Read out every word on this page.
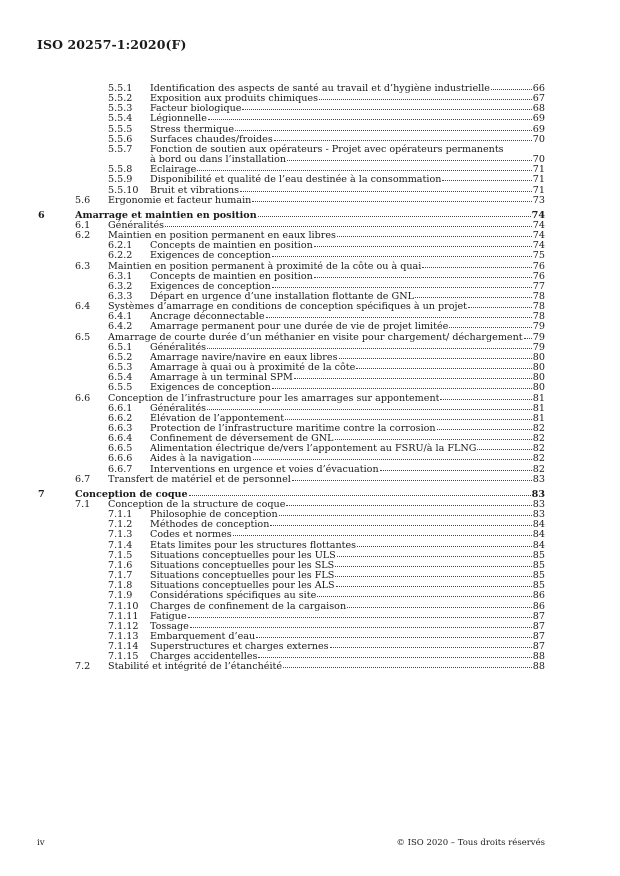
ISO 20257-1:2020(F)
5.5.1 Identification des aspects de santé au travail et d’hygiène industrielle	66
5.5.2 Exposition aux produits chimiques	67
5.5.3 Facteur biologique	68
5.5.4 Légionnelle	69
5.5.5 Stress thermique	69
5.5.6 Surfaces chaudes/froides	70
5.5.7 Fonction de soutien aux opérateurs - Projet avec opérateurs permanents
à bord ou dans l’installation	70
5.5.8 Éclairage	71
5.5.9 Disponibilité et qualité de l’eau destinée à la consommation	71
5.5.10 Bruit et vibrations	71
5.6 Ergonomie et facteur humain	73
6	Amarrage et maintien en position	74
6.1 Généralités	74
6.2 Maintien en position permanent en eaux libres	74
6.2.1 Concepts de maintien en position	74
6.2.2 Exigences de conception	75
6.3 Maintien en position permanent à proximité de la côte ou à quai	76
6.3.1 Concepts de maintien en position	76
6.3.2 Exigences de conception	77
6.3.3 Départ en urgence d’une installation flottante de GNL	78
6.4 Systèmes d’amarrage en conditions de conception spécifiques à un projet	78
6.4.1 Ancrage déconnectable	78
6.4.2 Amarrage permanent pour une durée de vie de projet limitée	79
6.5 Amarrage de courte durée d’un méthanier en visite pour chargement/ déchargement 79
6.5.1 Généralités	79
6.5.2 Amarrage navire/navire en eaux libres	80
6.5.3 Amarrage à quai ou à proximité de la côte	80
6.5.4 Amarrage à un terminal SPM	80
6.5.5 Exigences de conception	80
6.6 Conception de l’infrastructure pour les amarrages sur appontement	81
6.6.1 Généralités	81
6.6.2 Élévation de l’appontement	81
6.6.3 Protection de l’infrastructure maritime contre la corrosion	82
6.6.4 Confinement de déversement de GNL	82
6.6.5 Alimentation électrique de/vers l’appontement au FSRU/à la FLNG	82
6.6.6 Aides à la navigation	82
6.6.7 Interventions en urgence et voies d’évacuation	82
6.7 Transfert de matériel et de personnel	83
7	Conception de coque	83
7.1 Conception de la structure de coque	83
7.1.1 Philosophie de conception	83
7.1.2 Méthodes de conception	84
7.1.3 Codes et normes	84
7.1.4 États limites pour les structures flottantes	84
7.1.5 Situations conceptuelles pour les ULS	85
7.1.6 Situations conceptuelles pour les SLS	85
7.1.7 Situations conceptuelles pour les FLS	85
7.1.8 Situations conceptuelles pour les ALS	85
7.1.9 Considérations spécifiques au site	86
7.1.10 Charges de confinement de la cargaison	86
7.1.11 Fatigue	87
7.1.12 Tossage	87
7.1.13 Embarquement d’eau	87
7.1.14 Superstructures et charges externes	87
7.1.15 Charges accidentelles	88
7.2 Stabilité et intégrité de l’étanchéité	88
iv	© ISO 2020 – Tous droits réservés
